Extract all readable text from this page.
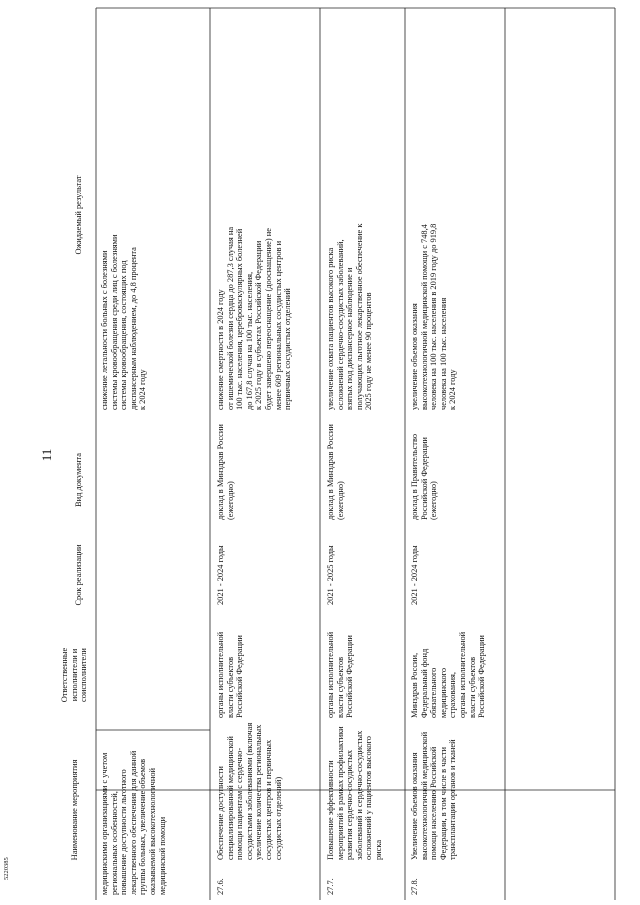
Наименование мероприятия
Ответственные
исполнители и
соисполнители
Срок реализации
Вид документа
Ожидаемый результат
медицинскими организациями с учетом
региональных особенностей,
повышение доступности льготного
лекарственного обеспечения для данной
группы больных, увеличение объемов
оказываемой высокотехнологичной
медицинской помощи
снижение летальности больных с болезнями
системы кровообращения среди лиц с болезнями
системы кровообращения, состоящих под
диспансерным наблюдением, до 4,8 процента
к 2024 году
27.6.
Обеспечение доступности
специализированной медицинской
помощи пациентам с сердечно-
сосудистыми заболеваниями (включая
увеличение количества региональных
сосудистых центров и первичных
сосудистых отделений)
органы исполнительной
власти субъектов
Российской Федерации
2021 - 2024 годы
доклад в Минздрав России
(ежегодно)
снижение смертности в 2024 году
от ишемической болезни сердца до 287,3 случая на
100 тыс. населения, цереброваскулярных болезней
до 167,8 случая на 100 тыс. населения,
к 2025 году в субъектах Российской Федерации
будет завершено переоснащение (дооснащение) не
менее 609 региональных сосудистых центров и
первичных сосудистых отделений
27.7.
Повышение эффективности
мероприятий в рамках профилактики
развития сердечно-сосудистых
заболеваний и сердечно-сосудистых
осложнений у пациентов высокого
риска
органы исполнительной
власти субъектов
Российской Федерации
2021 - 2025 годы
доклад в Минздрав России
(ежегодно)
увеличение охвата пациентов высокого риска
осложнений сердечно-сосудистых заболеваний,
взятых под диспансерное наблюдение и
получающих льготное лекарственное обеспечение к
2025 году не менее 90 процентов
27.8.
Увеличение объемов оказания
высокотехнологичной медицинской
помощи населению Российской
Федерации, в том числе в части
трансплантации органов и тканей
Минздрав России,
Федеральный фонд
обязательного
медицинского
страхования,
органы исполнительной
власти субъектов
Российской Федерации
2021 - 2024 годы
доклад в Правительство
Российской Федерации
(ежегодно)
увеличение объемов оказания
высокотехнологичной медицинской помощи с 748,4
человека на 100 тыс. населения в 2019 году до 919,8
человека на 100 тыс. населения
к 2024 году
11
5220385
